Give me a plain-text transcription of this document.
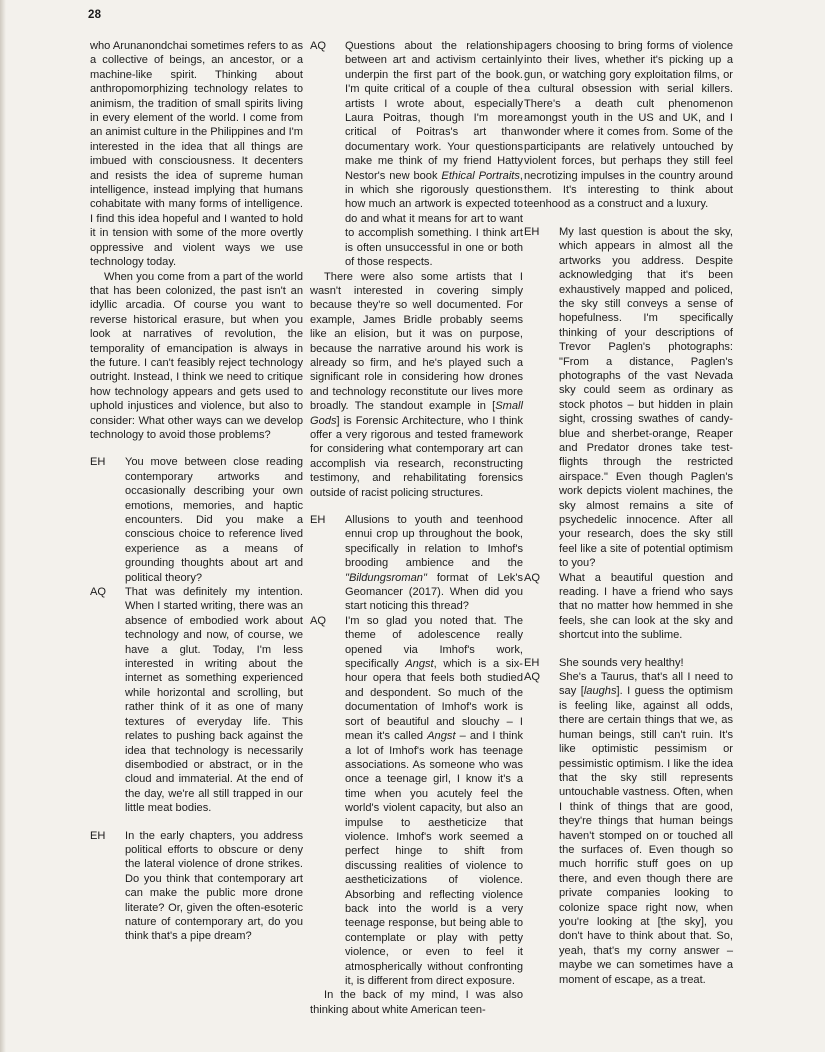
28

who Arunanondchai sometimes refers to as a collective of beings, an ancestor, or a machine-like spirit. Thinking about anthropomorphizing technology relates to animism, the tradition of small spirits living in every element of the world. I come from an animist culture in the Philippines and I'm interested in the idea that all things are imbued with consciousness. It decenters and resists the idea of supreme human intelligence, instead implying that humans cohabitate with many forms of intelligence. I find this idea hopeful and I wanted to hold it in tension with some of the more overtly oppressive and violent ways we use technology today.

When you come from a part of the world that has been colonized, the past isn't an idyllic arcadia. Of course you want to reverse historical erasure, but when you look at narratives of revolution, the temporality of emancipation is always in the future. I can't feasibly reject technology outright. Instead, I think we need to critique how technology appears and gets used to uphold injustices and violence, but also to consider: What other ways can we develop technology to avoid those problems?

EH	You move between close reading contemporary artworks and occasionally describing your own emotions, memories, and haptic encounters. Did you make a conscious choice to reference lived experience as a means of grounding thoughts about art and political theory?

AQ	That was definitely my intention. When I started writing, there was an absence of embodied work about technology and now, of course, we have a glut. Today, I'm less interested in writing about the internet as something experienced while horizontal and scrolling, but rather think of it as one of many textures of everyday life. This relates to pushing back against the idea that technology is necessarily disembodied or abstract, or in the cloud and immaterial. At the end of the day, we're all still trapped in our little meat bodies.

EH	In the early chapters, you address political efforts to obscure or deny the lateral violence of drone strikes. Do you think that contemporary art can make the public more drone literate? Or, given the often-esoteric nature of contemporary art, do you think that's a pipe dream?

AQ	Questions about the relationship between art and activism certainly underpin the first part of the book. I'm quite critical of a couple of the artists I wrote about, especially Laura Poitras, though I'm more critical of Poitras's art than documentary work. Your questions make me think of my friend Hatty Nestor's new book Ethical Portraits, in which she rigorously questions how much an artwork is expected to do and what it means for art to want to accomplish something. I think art is often unsuccessful in one or both of those respects.

There were also some artists that I wasn't interested in covering simply because they're so well documented. For example, James Bridle probably seems like an elision, but it was on purpose, because the narrative around his work is already so firm, and he's played such a significant role in considering how drones and technology reconstitute our lives more broadly. The standout example in [Small Gods] is Forensic Architecture, who I think offer a very rigorous and tested framework for considering what contemporary art can accomplish via research, reconstructing testimony, and rehabilitating forensics outside of racist policing structures.

EH	Allusions to youth and teenhood ennui crop up throughout the book, specifically in relation to Imhof's brooding ambience and the "Bildungsroman" format of Lek's Geomancer (2017). When did you start noticing this thread?

AQ	I'm so glad you noted that. The theme of adolescence really opened via Imhof's work, specifically Angst, which is a six-hour opera that feels both studied and despondent. So much of the documentation of Imhof's work is sort of beautiful and slouchy – I mean it's called Angst – and I think a lot of Imhof's work has teenage associations. As someone who was once a teenage girl, I know it's a time when you acutely feel the world's violent capacity, but also an impulse to aestheticize that violence. Imhof's work seemed a perfect hinge to shift from discussing realities of violence to aestheticizations of violence. Absorbing and reflecting violence back into the world is a very teenage response, but being able to contemplate or play with petty violence, or even to feel it atmospherically without confronting it, is different from direct exposure.

In the back of my mind, I was also thinking about white American teen-

agers choosing to bring forms of violence into their lives, whether it's picking up a gun, or watching gory exploitation films, or a cultural obsession with serial killers. There's a death cult phenomenon amongst youth in the US and UK, and I wonder where it comes from. Some of the participants are relatively untouched by violent forces, but perhaps they still feel necrotizing impulses in the country around them. It's interesting to think about teenhood as a construct and a luxury.

EH	My last question is about the sky, which appears in almost all the artworks you address. Despite acknowledging that it's been exhaustively mapped and policed, the sky still conveys a sense of hopefulness. I'm specifically thinking of your descriptions of Trevor Paglen's photographs: "From a distance, Paglen's photographs of the vast Nevada sky could seem as ordinary as stock photos – but hidden in plain sight, crossing swathes of candy-blue and sherbet-orange, Reaper and Predator drones take test-flights through the restricted airspace." Even though Paglen's work depicts violent machines, the sky almost remains a site of psychedelic innocence. After all your research, does the sky still feel like a site of potential optimism to you?

AQ	What a beautiful question and reading. I have a friend who says that no matter how hemmed in she feels, she can look at the sky and shortcut into the sublime.

EH	She sounds very healthy!

AQ	She's a Taurus, that's all I need to say [laughs]. I guess the optimism is feeling like, against all odds, there are certain things that we, as human beings, still can't ruin. It's like optimistic pessimism or pessimistic optimism. I like the idea that the sky still represents untouchable vastness. Often, when I think of things that are good, they're things that human beings haven't stomped on or touched all the surfaces of. Even though so much horrific stuff goes on up there, and even though there are private companies looking to colonize space right now, when you're looking at [the sky], you don't have to think about that. So, yeah, that's my corny answer – maybe we can sometimes have a moment of escape, as a treat.
